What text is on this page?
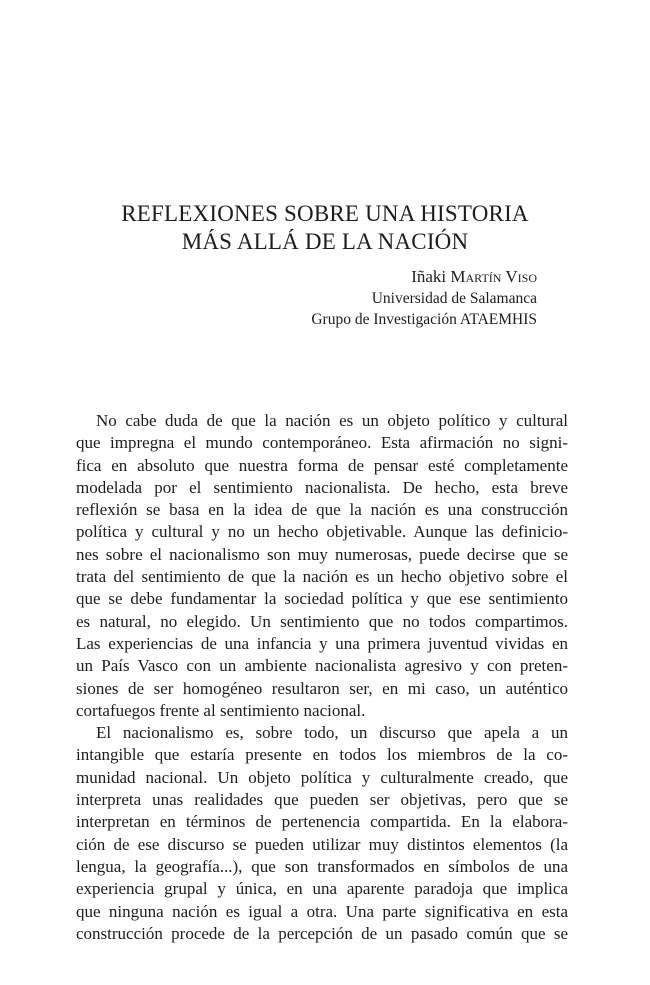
REFLEXIONES SOBRE UNA HISTORIA
MÁS ALLÁ DE LA NACIÓN
Iñaki Martín Viso
Universidad de Salamanca
Grupo de Investigación ATAEMHIS
No cabe duda de que la nación es un objeto político y cultural
que impregna el mundo contemporáneo. Esta afirmación no signi-
fica en absoluto que nuestra forma de pensar esté completamente
modelada por el sentimiento nacionalista. De hecho, esta breve
reflexión se basa en la idea de que la nación es una construcción
política y cultural y no un hecho objetivable. Aunque las definicio-
nes sobre el nacionalismo son muy numerosas, puede decirse que se
trata del sentimiento de que la nación es un hecho objetivo sobre el
que se debe fundamentar la sociedad política y que ese sentimiento
es natural, no elegido. Un sentimiento que no todos compartimos.
Las experiencias de una infancia y una primera juventud vividas en
un País Vasco con un ambiente nacionalista agresivo y con preten-
siones de ser homogéneo resultaron ser, en mi caso, un auténtico
cortafuegos frente al sentimiento nacional.
El nacionalismo es, sobre todo, un discurso que apela a un
intangible que estaría presente en todos los miembros de la co-
munidad nacional. Un objeto política y culturalmente creado, que
interpreta unas realidades que pueden ser objetivas, pero que se
interpretan en términos de pertenencia compartida. En la elabora-
ción de ese discurso se pueden utilizar muy distintos elementos (la
lengua, la geografía...), que son transformados en símbolos de una
experiencia grupal y única, en una aparente paradoja que implica
que ninguna nación es igual a otra. Una parte significativa en esta
construcción procede de la percepción de un pasado común que se
